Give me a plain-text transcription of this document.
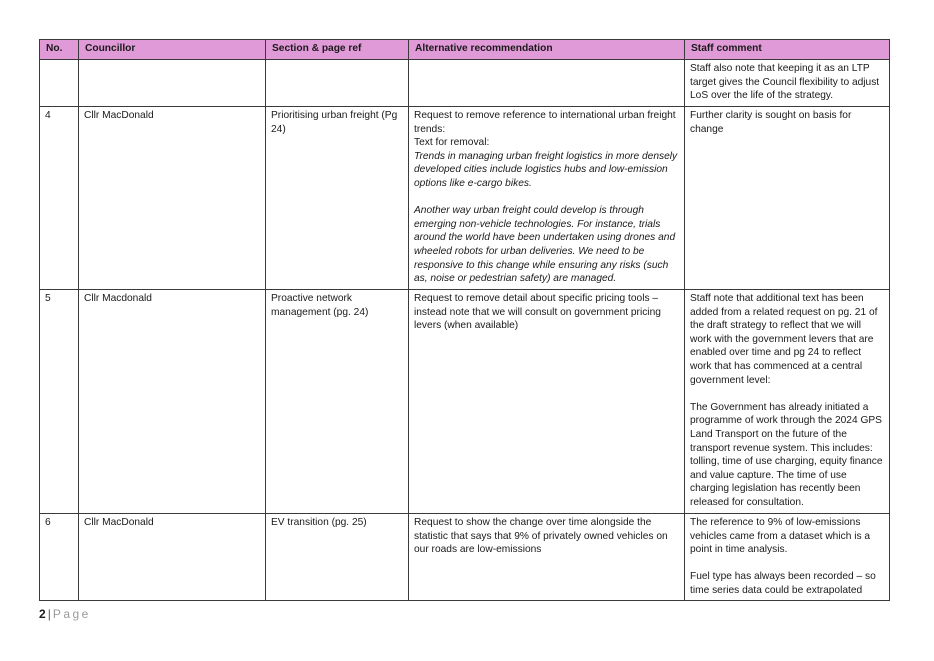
No.	Councillor	Section & page ref	Alternative recommendation	Staff comment
				Staff also note that keeping it as an LTP target gives the Council flexibility to adjust LoS over the life of the strategy.
4	Cllr MacDonald	Prioritising urban freight (Pg 24)	Request to remove reference to international urban freight trends:

Text for removal:

Trends in managing urban freight logistics in more densely developed cities include logistics hubs and low-emission options like e-cargo bikes.

Another way urban freight could develop is through emerging non-vehicle technologies. For instance, trials around the world have been undertaken using drones and wheeled robots for urban deliveries. We need to be responsive to this change while ensuring any risks (such as, noise or pedestrian safety) are managed.	Further clarity is sought on basis for change
5	Cllr Macdonald	Proactive network management (pg. 24)	Request to remove detail about specific pricing tools – instead note that we will consult on government pricing levers (when available)	Staff note that additional text has been added from a related request on pg. 21 of the draft strategy to reflect that we will work with the government levers that are enabled over time and pg 24 to reflect work that has commenced at a central government level:

The Government has already initiated a programme of work through the 2024 GPS Land Transport on the future of the transport revenue system. This includes: tolling, time of use charging, equity finance and value capture. The time of use charging legislation has recently been released for consultation.

6	Cllr MacDonald	EV transition (pg. 25)	Request to show the change over time alongside the statistic that says that 9% of privately owned vehicles on our roads are low-emissions	The reference to 9% of low-emissions vehicles came from a dataset which is a point in time analysis.

Fuel type has always been recorded – so time series data could be extrapolated

2 | Page
